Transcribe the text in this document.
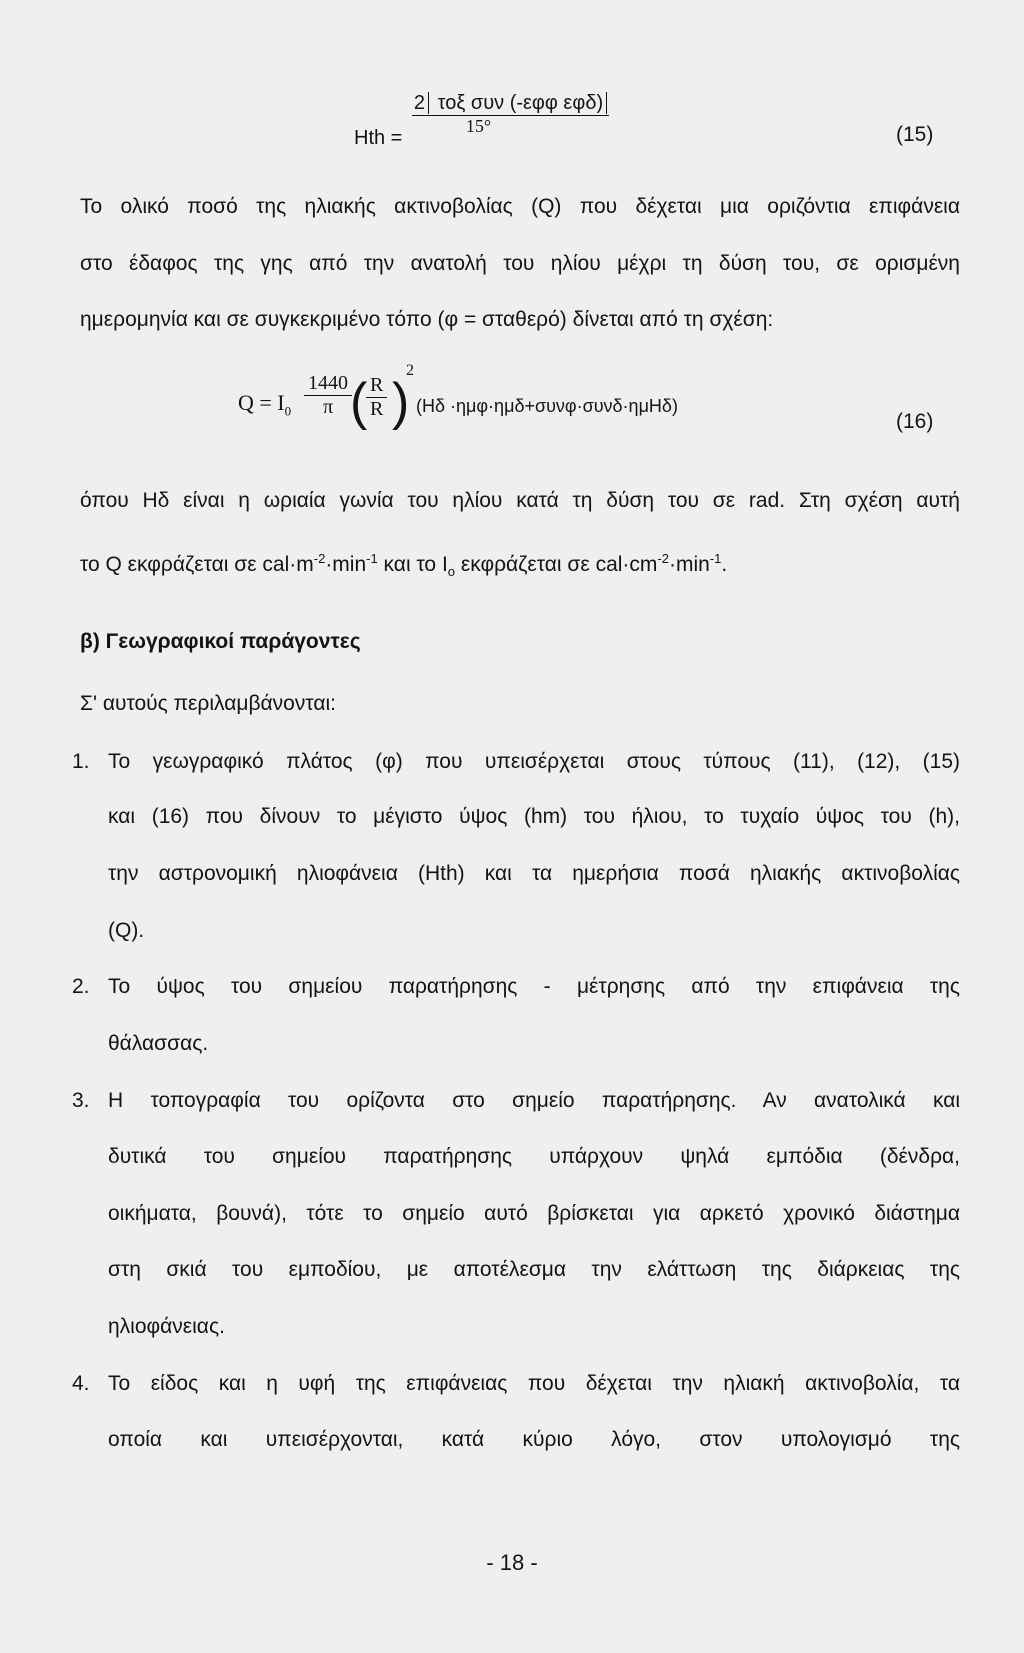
Hth =
$\frac{\text{2 τοξ συν (-εφφ εφδ)}}{15^\circ}$	(15)
Το ολικό ποσό της ηλιακής ακτινοβολίας (Q) που δέχεται μια οριζόντια επιφάνεια
στο έδαφος της γης από την ανατολή του ηλίου μέχρι τη δύση του, σε ορισμένη
ημερομηνία και σε συγκεκριμένο τόπο (φ = σταθερό) δίνεται από τη σχέση:
$Q = I_0 \frac{1440}{\pi}$
(
$\frac{R}{R}$ )
2
(Hδ ·ημφ·ημδ+συνφ·συνδ·ημHδ)
(16)
όπου Hδ είναι η ωριαία γωνία του ηλίου κατά τη δύση του σε rad. Στη σχέση αυτή
το Q εκφράζεται σε $cal\cdot m^{-2}\cdot\min^{-1}$ και το $I_o$ εκφράζεται σε $cal\cdot cm^{-2}\cdot\min^{-1}$.
β) Γεωγραφικοί παράγοντες
Σ' αυτούς περιλαμβάνονται:
1. Το γεωγραφικό πλάτος (φ) που υπεισέρχεται στους τύπους (11), (12), (15)
και (16) που δίνουν το μέγιστο ύψος (hm) του ήλιου, το τυχαίο ύψος του (h),
την αστρονομική ηλιοφάνεια (Hth) και τα ημερήσια ποσά ηλιακής ακτινοβολίας
(Q).
2. Το ύψος του σημείου παρατήρησης - μέτρησης από την επιφάνεια της
θάλασσας.
3. Η τοπογραφία του ορίζοντα στο σημείο παρατήρησης. Αν ανατολικά και
δυτικά του σημείου παρατήρησης υπάρχουν ψηλά εμπόδια (δένδρα,
οικήματα, βουνά), τότε το σημείο αυτό βρίσκεται για αρκετό χρονικό διάστημα
στη σκιά του εμποδίου, με αποτέλεσμα την ελάττωση της διάρκειας της
ηλιοφάνειας.
4. Το είδος και η υφή της επιφάνειας που δέχεται την ηλιακή ακτινοβολία, τα
οποία και υπεισέρχονται, κατά κύριο λόγο, στον υπολογισμό της
- 18 -
